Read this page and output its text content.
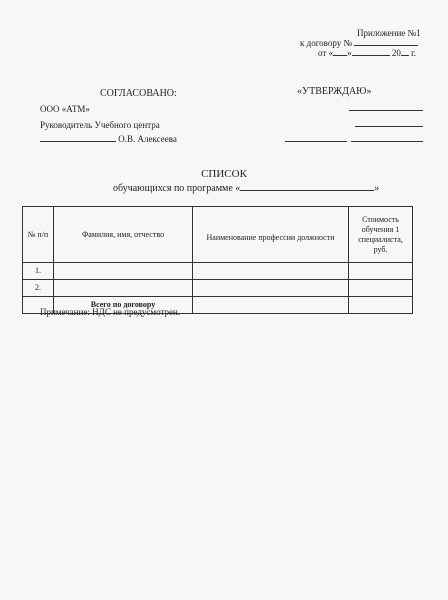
Приложение №1
к договору №
от « »	20 г.
СОГЛАСОВАНО:
ООО «АТМ»
Руководитель Учебного центра
О.В. Алексеева
«УТВЕРЖДАЮ»
СПИСОК
обучающихся по программе «	»
№ п/п	Фамилия, имя, отчество	Наименование профессии должности	Стоимость обучения 1 специалиста, руб.
1.			
2.			
	Всего по договору		
Примечание: НДС не предусмотрен.
